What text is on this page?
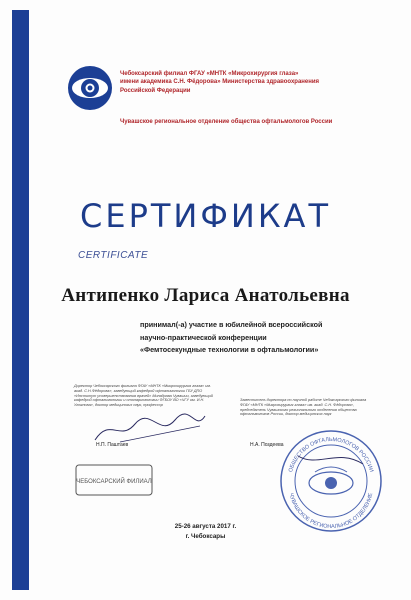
Чебоксарский филиал ФГАУ «МНТК «Микрохирургия глаза»
имени академика С.Н. Фёдорова» Министерства здравоохранения
Российской Федерации
Чувашское региональное отделение общества офтальмологов России
СЕРТИФИКАТ
CERTIFICATE
Антипенко Лариса Анатольевна
принимал(-а) участие в юбилейной всероссийской
научно-практической конференции
«Фемтосекундные технологии в офтальмологии»
Директор Чебоксарского филиала ФГАУ «МНТК «Микрохирургия глаза» им. акад. С.Н.Фёдорова», заведующий кафедрой офтальмологии ГБУ ДПО «Институт усовершенствования врачей» Минздрава Чувашии, заведующий кафедрой офтальмологии и отоларингологии ФГБОУ ВО «ЧГУ им. И.Н. Ульянова», доктор медицинских наук, профессор
Заместитель директора по научной работе Чебоксарского филиала ФГАУ «МНТК «Микрохирургия глаза» им. акад. С.Н. Фёдорова», председатель Чувашского регионального отделения общества офтальмологов России, доктор медицинских наук
Н.П. Паштаев
ЧЕБОКСАРСКИЙ ФИЛИАЛ
Н.А. Поздеева
ОБЩЕСТВО ОФТАЛЬМОЛОГОВ РОССИИ
ЧУВАШСКОЕ РЕГИОНАЛЬНОЕ ОТДЕЛЕНИЕ
25-26 августа 2017 г.
г. Чебоксары
